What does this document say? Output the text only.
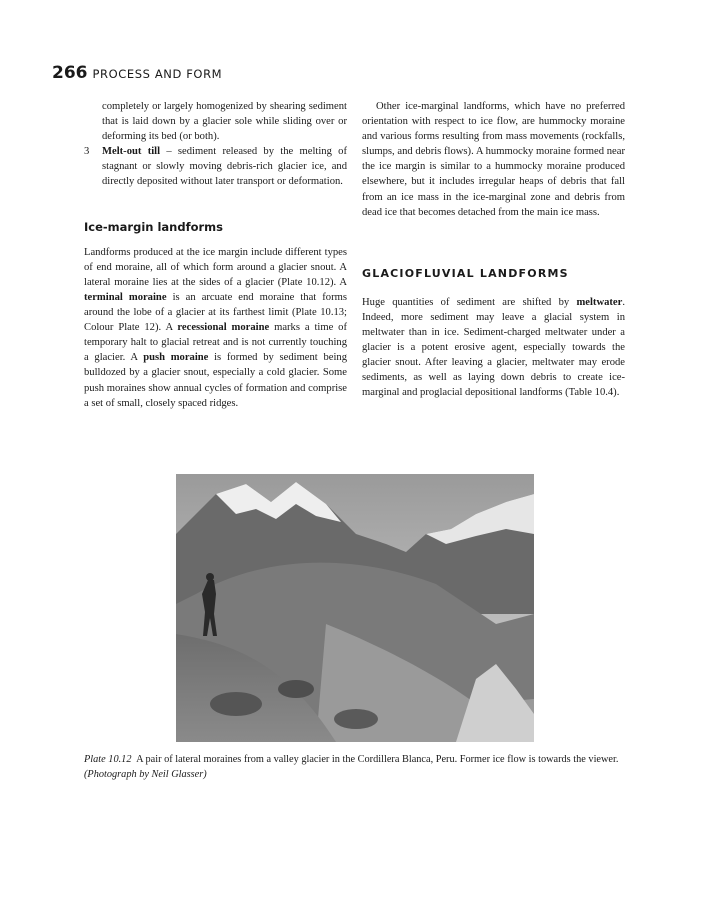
266 PROCESS AND FORM

completely or largely homogenized by shearing sediment that is laid down by a glacier sole while sliding over or deforming its bed (or both).

3	Melt-out till – sediment released by the melting of stagnant or slowly moving debris-rich glacier ice, and directly deposited without later transport or deformation.

Ice-margin landforms

Landforms produced at the ice margin include different types of end moraine, all of which form around a glacier snout. A lateral moraine lies at the sides of a glacier (Plate 10.12). A terminal moraine is an arcuate end moraine that forms around the lobe of a glacier at its farthest limit (Plate 10.13; Colour Plate 12). A recessional moraine marks a time of temporary halt to glacial retreat and is not currently touching a glacier. A push moraine is formed by sediment being bulldozed by a glacier snout, especially a cold glacier. Some push moraines show annual cycles of formation and comprise a set of small, closely spaced ridges.

Other ice-marginal landforms, which have no preferred orientation with respect to ice flow, are hummocky moraine and various forms resulting from mass movements (rockfalls, slumps, and debris flows). A hummocky moraine formed near the ice margin is similar to a hummocky moraine produced elsewhere, but it includes irregular heaps of debris that fall from an ice mass in the ice-marginal zone and debris from dead ice that becomes detached from the main ice mass.

GLACIOFLUVIAL LANDFORMS

Huge quantities of sediment are shifted by meltwater. Indeed, more sediment may leave a glacial system in meltwater than in ice. Sediment-charged meltwater under a glacier is a potent erosive agent, especially towards the glacier snout. After leaving a glacier, meltwater may erode sediments, as well as laying down debris to create ice-marginal and proglacial depositional landforms (Table 10.4).

Plate 10.12 A pair of lateral moraines from a valley glacier in the Cordillera Blanca, Peru. Former ice flow is towards the viewer.

(Photograph by Neil Glasser)
